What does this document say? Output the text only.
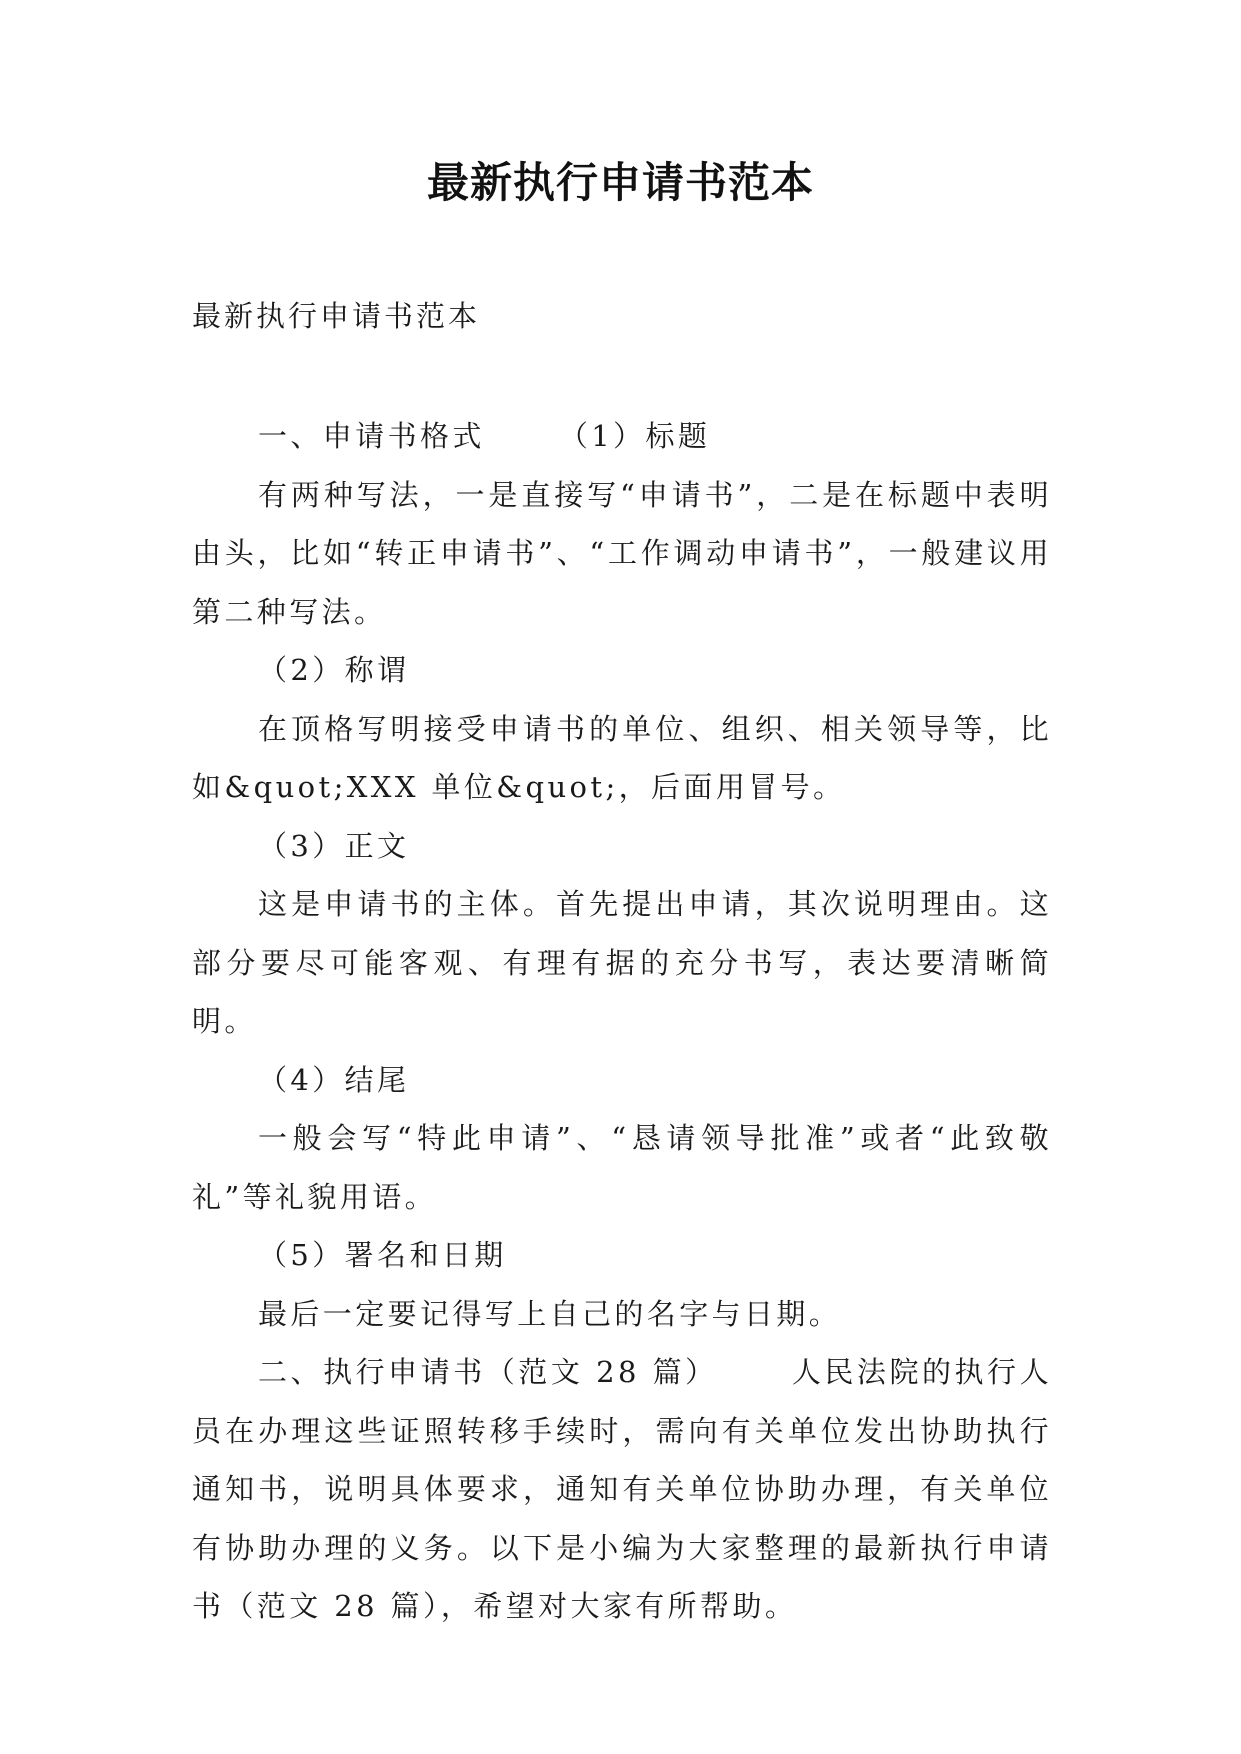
最新执行申请书范本

最新执行申请书范本

一、申请书格式	（1）标题

有两种写法，一是直接写“申请书”，二是在标题中表明由头，比如“转正申请书”、“工作调动申请书”，一般建议用第二种写法。

（2）称谓

在顶格写明接受申请书的单位、组织、相关领导等，比如&quot;XXX 单位&quot;，后面用冒号。

（3）正文

这是申请书的主体。首先提出申请，其次说明理由。这部分要尽可能客观、有理有据的充分书写，表达要清晰简明。

（4）结尾

一般会写“特此申请”、“恳请领导批准”或者“此致敬礼”等礼貌用语。

（5）署名和日期

最后一定要记得写上自己的名字与日期。

二、执行申请书（范文 28 篇）	人民法院的执行人员在办理这些证照转移手续时，需向有关单位发出协助执行通知书，说明具体要求，通知有关单位协助办理，有关单位有协助办理的义务。以下是小编为大家整理的最新执行申请书（范文 28 篇），希望对大家有所帮助。
